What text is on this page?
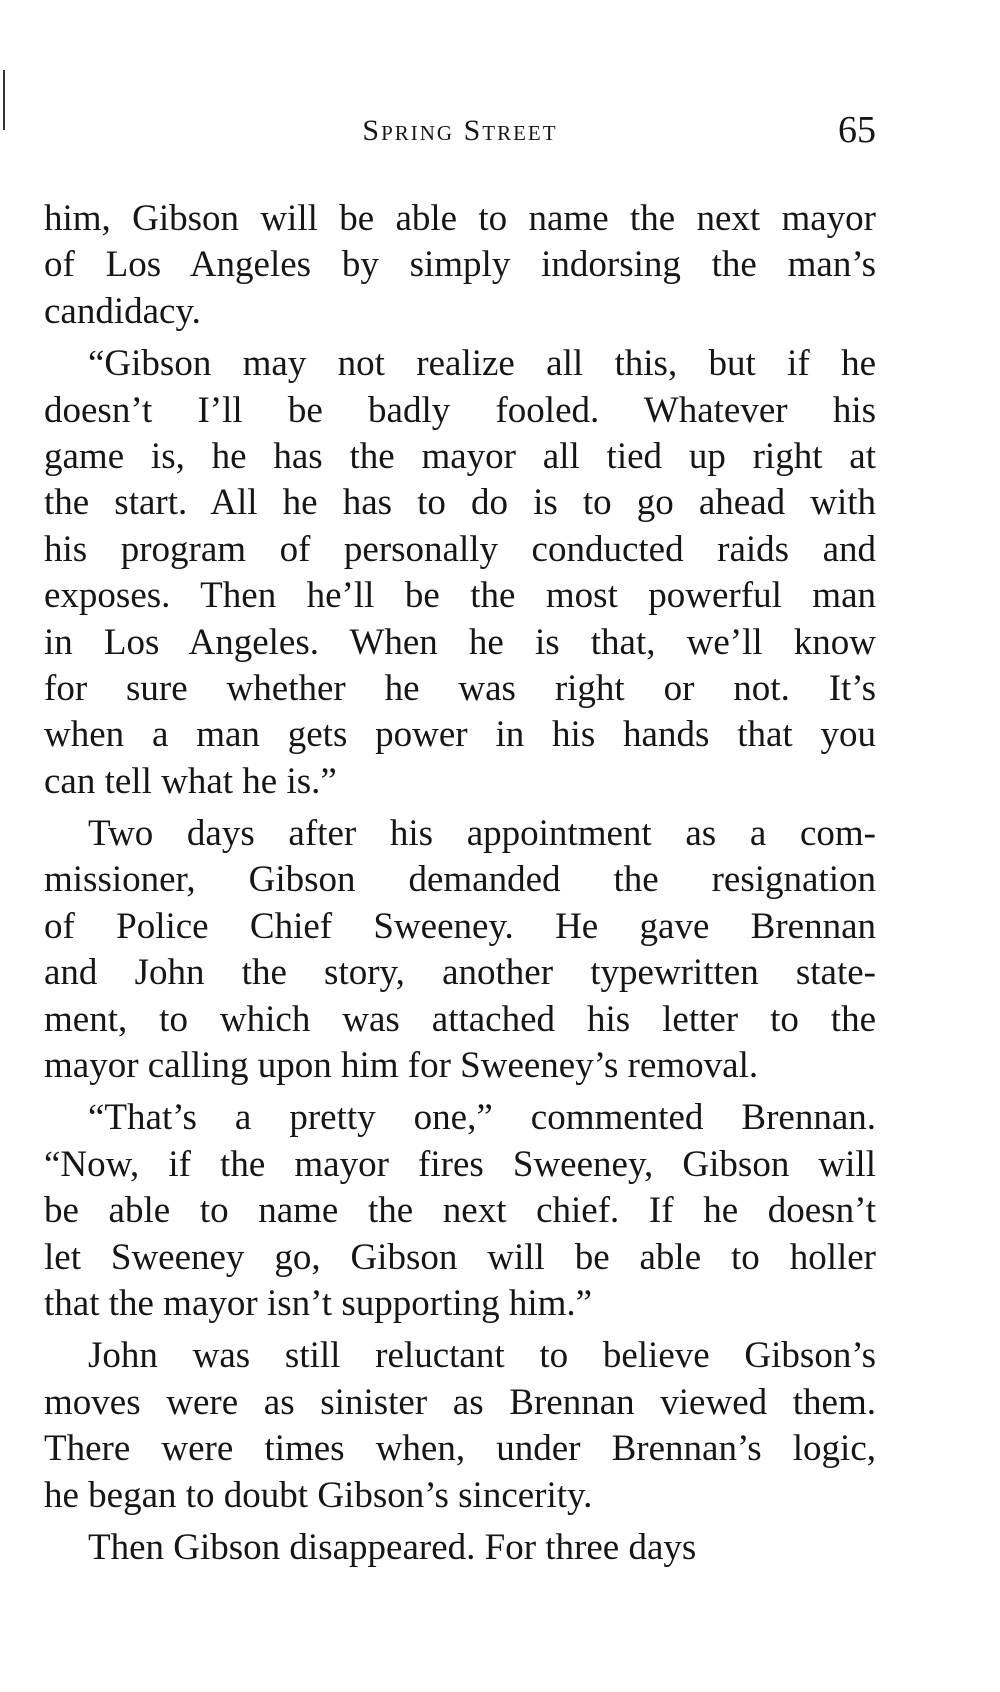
Spring Street	65
him, Gibson will be able to name the next mayor
of Los Angeles by simply indorsing the man’s
candidacy.
“Gibson may not realize all this, but if he
doesn’t I’ll be badly fooled. Whatever his
game is, he has the mayor all tied up right at
the start. All he has to do is to go ahead with
his program of personally conducted raids and
exposes. Then he’ll be the most powerful man
in Los Angeles. When he is that, we’ll know
for sure whether he was right or not. It’s
when a man gets power in his hands that you
can tell what he is.”
Two days after his appointment as a com-
missioner, Gibson demanded the resignation
of Police Chief Sweeney. He gave Brennan
and John the story, another typewritten state-
ment, to which was attached his letter to the
mayor calling upon him for Sweeney’s removal.
“That’s a pretty one,” commented Brennan.
“Now, if the mayor fires Sweeney, Gibson will
be able to name the next chief. If he doesn’t
let Sweeney go, Gibson will be able to holler
that the mayor isn’t supporting him.”
John was still reluctant to believe Gibson’s
moves were as sinister as Brennan viewed them.
There were times when, under Brennan’s logic,
he began to doubt Gibson’s sincerity.
Then Gibson disappeared. For three days
